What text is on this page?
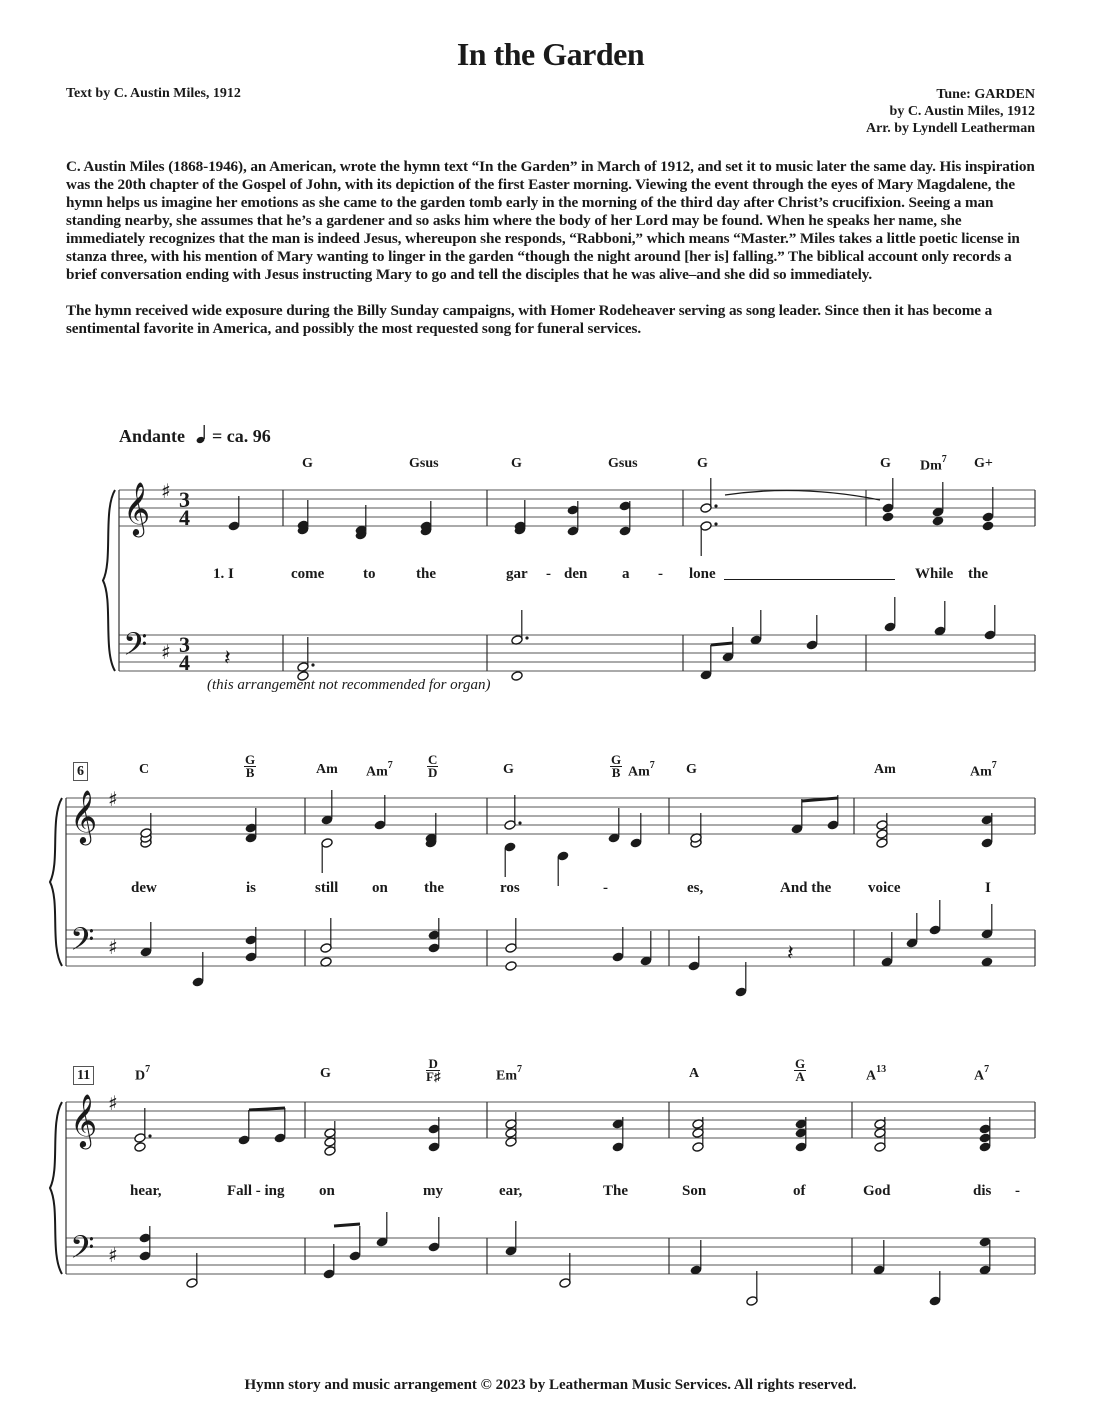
In the Garden
Text by C. Austin Miles, 1912	Tune: GARDEN
by C. Austin Miles, 1912
Arr. by Lyndell Leatherman

C. Austin Miles (1868-1946), an American, wrote the hymn text “In the Garden” in March of 1912, and set it to music later the same day. His inspiration was the 20th chapter of the Gospel of John, with its depiction of the first Easter morning. Viewing the event through the eyes of Mary Magdalene, the hymn helps us imagine her emotions as she came to the garden tomb early in the morning of the third day after Christ’s crucifixion. Seeing a man standing nearby, she assumes that he’s a gardener and so asks him where the body of her Lord may be found. When he speaks her name, she immediately recognizes that the man is indeed Jesus, whereupon she responds, “Rabboni,” which means “Master.” Miles takes a little poetic license in stanza three, with his mention of Mary wanting to linger in the garden “though the night around [her is] falling.” The biblical account only records a brief conversation ending with Jesus instructing Mary to go and tell the disciples that he was alive–and she did so immediately.

The hymn received wide exposure during the Billy Sunday campaigns, with Homer Rodeheaver serving as song leader. Since then it has become a sentimental favorite in America, and possibly the most requested song for funeral services.

Andante = ca. 96
𝄞
𝄢
♯
♯
3
4
3
4 𝄽
G	Gsus	G	Gsus	G	G Dm$^7$ G+
1. I	come	to	the	gar - den a - lone	While the
𝄞
𝄢
♯
♯	𝄽
6	C	Am Am$^7$	G	Am$^7$ G	Am	Am$^7$
$\frac{G}{B}$	$\frac{C}{D}$	$\frac{G}{B}$
dew	is	still on the	ros	-	es,	And the voice	I
𝄞
𝄢
♯
♯
11	$D^7$	G	Em$^7$	A	$A^{13}$	$A^7$
$\frac{D}{F♯}$	$\frac{G}{A}$
hear,	Fall - ing on	my	ear,	The	Son	of	God	dis -
(this arrangement not recommended for organ)
Hymn story and music arrangement © 2023 by Leatherman Music Services. All rights reserved.
